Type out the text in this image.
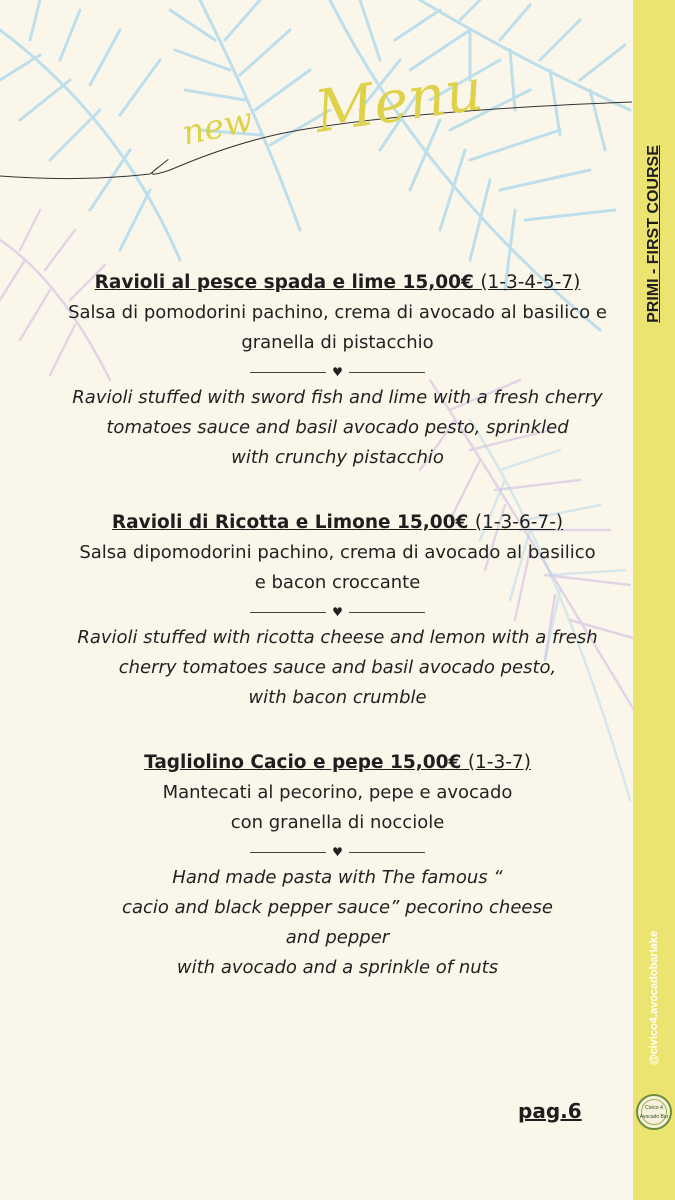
new Menu

Ravioli al pesce spada e lime 15,00€ (1-3-4-5-7)

Salsa di pomodorini pachino, crema di avocado al basilico e
granella di pistacchio

♥

Ravioli stuffed with sword fish and lime with a fresh cherry
tomatoes sauce and basil avocado pesto, sprinkled
with crunchy pistacchio

Ravioli di Ricotta e Limone 15,00€ (1-3-6-7-)

Salsa dipomodorini pachino, crema di avocado al basilico
e bacon croccante

♥

Ravioli stuffed with ricotta cheese and lemon with a fresh
cherry tomatoes sauce and basil avocado pesto,
with bacon crumble

Tagliolino Cacio e pepe 15,00€ (1-3-7)

Mantecati al pecorino, pepe e avocado
con granella di nocciole

♥

Hand made pasta with The famous “
cacio and black pepper sauce” pecorino cheese
and pepper
with avocado and a sprinkle of nuts

pag.6
PRIMI - FIRST COURSE
@civico4.avocadobarlake
Civico 4
Avocado Bar
